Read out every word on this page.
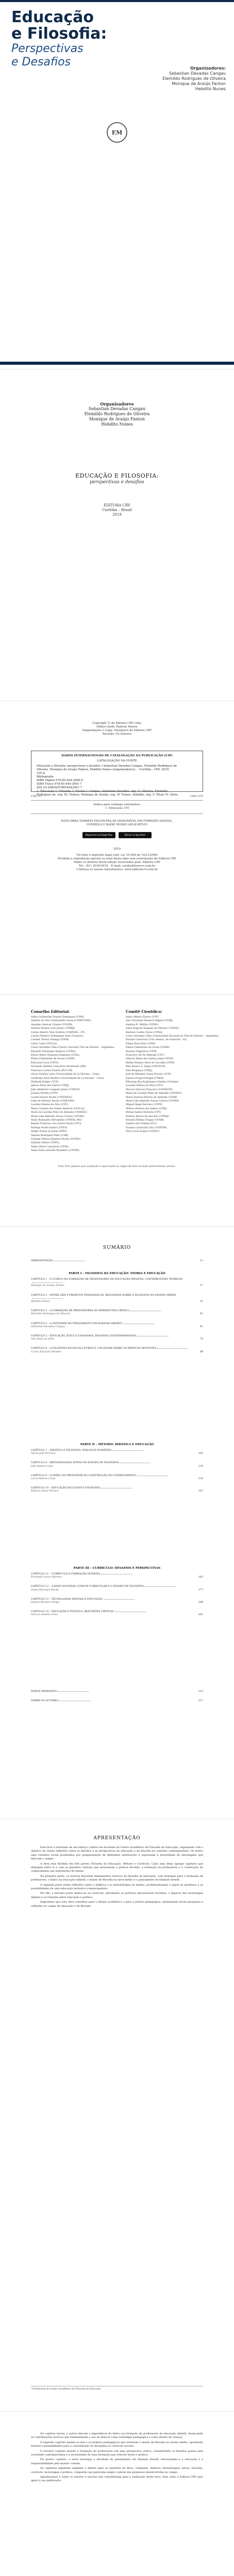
Educação
e Filosofia:
Perspectivas
e Desafios	Organizadores:
Sebastian Devadas Cangau
Elemildo Rodrigues de Oliveira
Monique de Araújo Fanton
Hebdito Nunes
EM
Organizadores
Sebastian Devadas Cangau
Elemildo Rodrigues de Oliveira
Monique de Araújo Fanton
Hebdito Nunes
EDUCAÇÃO E FILOSOFIA:
perspectivas e desafios
EDITORA CRV
Curitiba – Brasil
2019
Copyright © da Editora CRV Ltda.
Editor-chefe: Railson Moura
Diagramação e Capa: Designers da Editora CRV
Revisão: Os Autores
DADOS INTERNACIONAIS DE CATALOGAÇÃO NA PUBLICAÇÃO (CIP)
CATALOGAÇÃO NA FONTE
Educação e filosofia: perspectivas e desafios / Sebastian Devadas Cangau, Elemildo Rodrigues de
Oliveira, Monique de Araújo Fanton, Hebdito Nunes (organizadores). – Curitiba : CRV, 2019.
220 p.
Bibliografia
ISBN Digital 978-85-444-3000-0
ISBN Físico 978-85-444-3001-7
DOI 10.24824/978854443001.7
1. Educação 2. Filosofia 3. Ensino I. Cangau, Sebastian Devadas. org. II. Oliveira, Elemildo
Rodrigues de. org. III. Fanton, Monique de Araújo. org. IV. Nunes, Hebdito. org. V. Título VI. Série.
CDU 37	CDD 370
Índice para catálogo sistemático
1. Educação 370
ESTA OBRA TAMBÉM ENCONTRA-SE DISPONÍVEL EM FORMATO DIGITAL.
CONHEÇA E BAIXE NOSSO APLICATIVO!
Disponível no Google Play	Baixar na App Store
2019
Foi feito o depósito legal conf. Lei 10.994 de 14/12/2004
Proibida a reprodução parcial ou total desta obra sem autorização da Editora CRV
Todos os direitos desta edição reservados pela: Editora CRV
Tel.: (41) 3039-6418 – E-mail: sac@editoracrv.com.br
Conheça os nossos lançamentos: www.editoracrv.com.br
Conselho Editorial:	Comitê Científico:
Aldira Guimarães Duarte Domínguez (UNB)
Andréia da Silva Quintanilha Sousa (UNIR/UFRN)
Anselmo Alencar Colares (UFOPA)
Antônio Pereira Gaio Júnior (UFRRJ)
Carlos Alberto Vilar Estêvão (UMINHO – PT)
Carlos Federico Dominguez Avila (Unieuro)
Carmen Tereza Velanga (UNIR)
Celso Conti (UFSCar)
Cesar Gerónimo Tello (Univer. Nacional Três de Febrero – Argentina)
Eduardo Fernandes Barbosa (UFMG)
Elione Maria Nogueira Diogenes (UFAL)
Elizeu Clementino de Souza (UNEB)
Élsio José Corá (UFFS)
Fernando Antônio Gonçalves Alcoforado (IPB)
Francisco Carlos Duarte (PUC-PR)
Gloria Fariñas León (Universidade de La Havana – Cuba)
Guillermo Arias Beatón (Universidade de La Havana – Cuba)
Helmuth Krüger (UCP)
Jailson Alves dos Santos (UFRJ)
João Adalberto Campato Junior (UNESP)
Josania Portela (UFPI)
Leonel Severo Rocha (UNISINOS)
Lídia de Oliveira Xavier (UNIEURO)
Lourdes Helena da Silva (UFV)
Maria Cristina dos Santos Bezerra (UFSCar)
Maria de Lourdes Pinto de Almeida (UNOESC)
Maria Lília Imbiriba Sousa Colares (UFOPA)
Paulo Romualdo Hernandes (UNIFAL-MG)
Renato Francisco dos Santos Paula (UFG)
Rodrigo Pratte-Santos (UFES)
Sérgio Nunes de Jesus (IFRO)
Simone Rodrigues Pinto (UNB)
Solange Helena Ximenes-Rocha (UFOPA)
Sydione Santos (UEPG)
Tadeu Oliver Gonçalves (UFPA)
Tania Suely Azevedo Brasileiro (UFOPA)
Altair Alberto Fávero (UPF)
Ana Chrystina Venancio Mignot (UERJ)
Andréia N. Militão (UEMS)
Anna Augusta Sampaio de Oliveira (UNESP)
Barbara Coelho Neves (UFBA)
Cesar Gerónimo Tello (Universidad Nacional de Três de Febrero – Argentina)
Diosnel Centurion (Univ Americ. de Asunción – Py)
Eliane Rose Maio (UEM)
Elizeu Clementino de Souza (UNEB)
Fauston Negreiros (UFPI)
Francisco Ari de Andrade (UFC)
Gláucia Maria dos Santos Jorge (UFOP)
Helder Buenos Aires de Carvalho (UFPI)
Ilma Passos A. Veiga (UNICEUB)
Inês Bragança (UERJ)
José de Ribamar Sousa Pereira (UCB)
Jussara Fraga Portugal (UNEB)
Kilwangy Kya Kapitango-a-Samba (Unemat)
Lourdes Helena da Silva (UFV)
Marcos Vinicius Francisco (UNOESTE)
Maria de Lourdes Pinto de Almeida (UNOESC)
Maria Eurácia Barreto de Andrade (UFRB)
Maria Lília Imbiriba Sousa Colares (UFOPA)
Míguel Ángel Barreiro (UFPR)
Mônica Pereira dos Santos (UFRJ)
Mirian Santos Ferreira (UFT)
Patrícia Bastos de Azevedo (UFRRJ)
Rosania Fátima Chagas (UFAM)
Sandra Ana Orlindo (ICC)
Suzana Cavalcanti Lins (UNIFOR)
Vera Lucia Gaspar (UDESC)
Este livro passou por avaliação e aprovação às cegas de dois ou mais pareceristas ad hoc.
SUMÁRIO
APRESENTAÇÃO	11
PARTE I – FILOSOFIA DA EDUCAÇÃO: TEORIA E EDUCAÇÃO
CAPÍTULO 1 – O LÚDICO NA FORMAÇÃO DE PROFESSORES DE EDUCAÇÃO INFANTIL: CONTRIBUIÇÕES TEÓRICAS
Monique de Araújo Fanton	17
CAPÍTULO 2 – ENTRE LEIS E PROJETOS PEDAGÓGICOS: REFLEXÕES SOBRE A FILOSOFIA NO ENSINO MÉDIO
Hebdito Nunes	31
CAPÍTULO 3 – A FORMAÇÃO DE PROFESSORES NA PERSPECTIVA CRÍTICA
Elemildo Rodrigues de Oliveira	47
CAPÍTULO 4 – A ATIVIDADE DO PENSAMENTO EM HANNAH ARENDT
Sebastian Devadas Cangau	61
CAPÍTULO 5 – EDUCAÇÃO, ÉTICA E CIDADANIA: DESAFIOS CONTEMPORÂNEOS
Ana Paula da Silva	75
CAPÍTULO 6 – A FILOSOFIA NA ESCOLA PÚBLICA: UM OLHAR SOBRE AS PRÁTICAS DOCENTES
Carlos Eduardo Mendes	89
PARTE II – MÉTODO: DIDÁTICA E EDUCAÇÃO
CAPÍTULO 7 – DIDÁTICA E FILOSOFIA: DIÁLOGOS POSSÍVEIS
Maria José Ferreira	105
CAPÍTULO 8 – METODOLOGIAS ATIVAS NO ENSINO DE FILOSOFIA
João Batista Lima	119
CAPÍTULO 9 – O PAPEL DO PROFESSOR NA CONSTRUÇÃO DO CONHECIMENTO
Lucia Helena Costa	133
CAPÍTULO 10 – EDUCAÇÃO INCLUSIVA E FILOSOFIA
Roberto Alves Pereira	147
PARTE III – CURRÍCULO: DESAFIOS E PERSPECTIVAS
CAPÍTULO 11 – CURRÍCULO E FORMAÇÃO HUMANA
Fernanda Souza Martins	163
CAPÍTULO 12 – A BASE NACIONAL COMUM CURRICULAR E O ENSINO DE FILOSOFIA
Paulo Henrique Rocha	177
CAPÍTULO 13 – TECNOLOGIAS DIGITAIS E EDUCAÇÃO
Juliana Mendes Araújo	189
CAPÍTULO 14 – EDUCAÇÃO E POLÍTICA: REFLEXÕES CRÍTICAS
Marcos Antônio Silva	201
ÍNDICE REMISSIVO	213
SOBRE OS AUTORES	217
APRESENTAÇÃO

Este livro é resultado de um esforço coletivo de docentes do Centro Acadêmico de Filosofia da Educação, organizado com o objetivo de reunir reflexões sobre os desafios e as perspectivas da educação e da filosofia no contexto contemporâneo. Os textos aqui reunidos foram produzidos por pesquisadores de diferentes instituições e expressam a diversidade de abordagens que marcam o campo.

A obra está dividida em três partes: Filosofia da Educação, Método e Currículo. Cada uma delas agrupa capítulos que dialogam entre si e com as questões centrais que atravessam a prática docente, a formação de professores e a construção do conhecimento nas instituições de ensino.

Na primeira parte, os autores discutem fundamentos teóricos da filosofia da educação, com destaque para a formação de professores, o lúdico na educação infantil, o ensino de filosofia no nível médio e o pensamento de Hannah Arendt.

A segunda parte reúne reflexões sobre a didática e as metodologias de ensino, problematizando o papel do professor e as possibilidades de uma educação inclusiva e emancipadora.

Por fim, a terceira parte dedica-se ao currículo, abordando as políticas educacionais recentes, o impacto das tecnologias digitais e as relações entre educação e política.

Esperamos que esta obra contribua para o debate acadêmico e para a prática pedagógica, estimulando novas pesquisas e reflexões no campo da educação e da filosofia.

¹ Professores do Centro Acadêmico de Filosofia da Educação.

No capítulo inicial, a autora discute a importância do lúdico na formação de professores de educação infantil, destacando as contribuições teóricas que fundamentam o uso do brincar como estratégia pedagógica e como direito da criança.

O segundo capítulo analisa as leis e os projetos pedagógicos que orientam o ensino de filosofia no ensino médio, apontando tensões e possibilidades para a consolidação da disciplina no currículo escolar.

O terceiro capítulo aborda a formação de professores sob uma perspectiva crítica, considerando os desafios postos pela sociedade contemporânea e a necessidade de uma formação que articule teoria e prática.

No quarto capítulo, o autor investiga a atividade do pensamento em Hannah Arendt, relacionando-a à educação e à responsabilidade pelo mundo comum.

Os capítulos seguintes ampliam o debate para as questões de ética, cidadania, didática, metodologias ativas, inclusão, currículo, tecnologias e política, compondo um panorama amplo e plural das pesquisas desenvolvidas no campo.

Agradecemos a todos os autores e autoras que contribuíram para a realização deste livro, bem como à Editora CRV pelo apoio à sua publicação.
